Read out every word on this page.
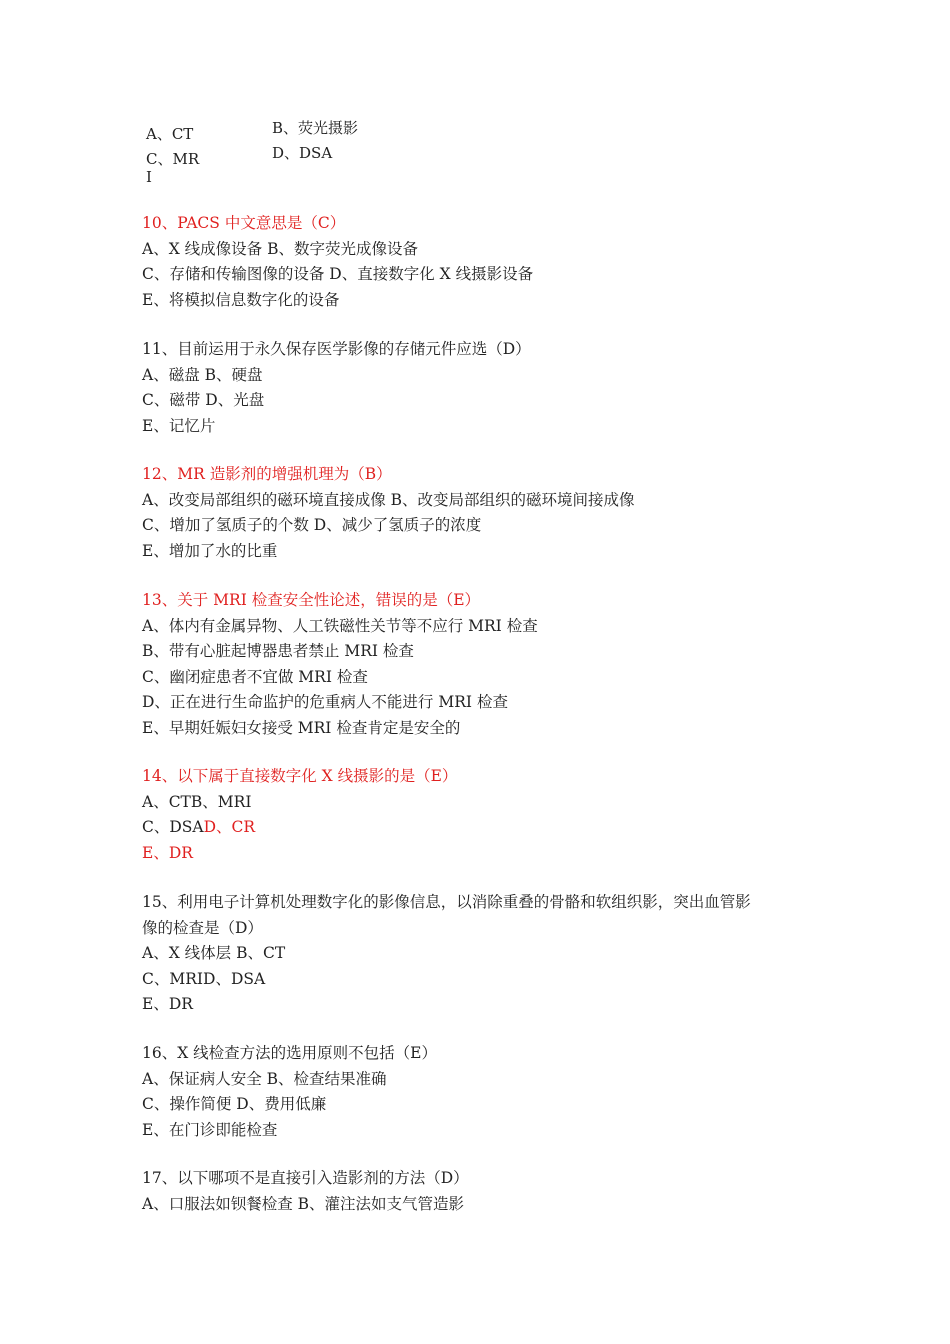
A、CT	B、荧光摄影
C、MR
I
D、DSA
10、PACS 中文意思是（C）
A、X 线成像设备 B、数字荧光成像设备
C、存储和传输图像的设备 D、直接数字化 X 线摄影设备
E、将模拟信息数字化的设备
11、目前运用于永久保存医学影像的存储元件应选（D）
A、磁盘 B、硬盘
C、磁带 D、光盘
E、记忆片
12、MR 造影剂的增强机理为（B）
A、改变局部组织的磁环境直接成像 B、改变局部组织的磁环境间接成像
C、增加了氢质子的个数 D、减少了氢质子的浓度
E、增加了水的比重
13、关于 MRI 检查安全性论述，错误的是（E）
A、体内有金属异物、人工铁磁性关节等不应行 MRI 检查
B、带有心脏起博器患者禁止 MRI 检查
C、幽闭症患者不宜做 MRI 检查
D、正在进行生命监护的危重病人不能进行 MRI 检查
E、早期妊娠妇女接受 MRI 检查肯定是安全的
14、以下属于直接数字化 X 线摄影的是（E）
A、CTB、MRI
C、DSAD、CR
E、DR
15、利用电子计算机处理数字化的影像信息，以消除重叠的骨骼和软组织影，突出血管影
像的检查是（D）
A、X 线体层 B、CT
C、MRID、DSA
E、DR
16、X 线检查方法的选用原则不包括（E）
A、保证病人安全 B、检查结果准确
C、操作简便 D、费用低廉
E、在门诊即能检查
17、以下哪项不是直接引入造影剂的方法（D）
A、口服法如钡餐检查 B、灌注法如支气管造影
